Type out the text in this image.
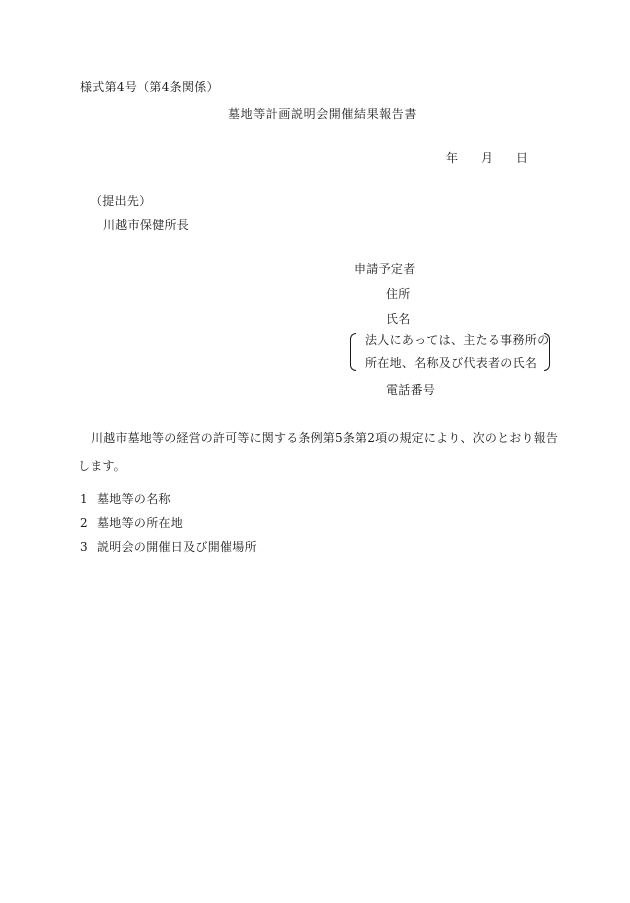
様式第4号（第4条関係）
墓地等計画説明会開催結果報告書
年 月 日
（提出先）
川越市保健所長
申請予定者
住所
氏名
法人にあっては、主たる事務所の
所在地、名称及び代表者の氏名
電話番号
川越市墓地等の経営の許可等に関する条例第5条第2項の規定により、次のとおり報告します。
1 墓地等の名称
2 墓地等の所在地
3 説明会の開催日及び開催場所
